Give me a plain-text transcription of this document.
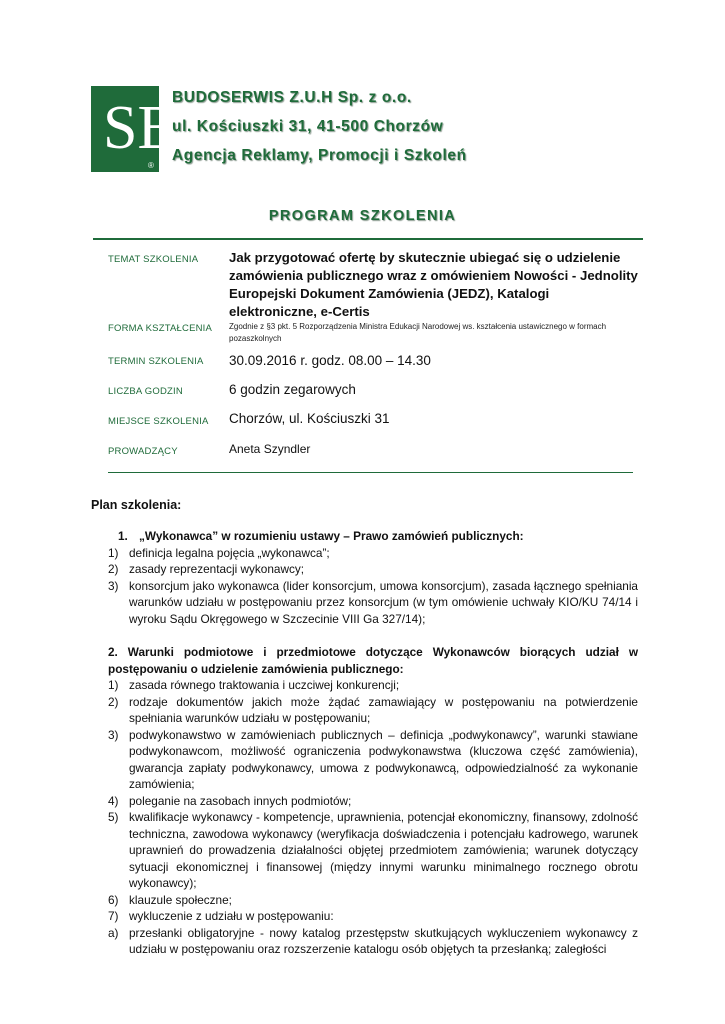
SB
®
BUDOSERWIS Z.U.H Sp. z o.o.
ul. Kościuszki 31, 41-500 Chorzów
Agencja Reklamy, Promocji i Szkoleń
PROGRAM SZKOLENIA
TEMAT SZKOLENIA Jak przygotować ofertę by skutecznie ubiegać się o udzielenie zamówienia publicznego wraz z omówieniem Nowości - Jednolity Europejski Dokument Zamówienia (JEDZ), Katalogi elektroniczne, e-Certis
FORMA KSZTAŁCENIA Zgodnie z §3 pkt. 5 Rozporządzenia Ministra Edukacji Narodowej ws. kształcenia ustawicznego w formach pozaszkolnych
TERMIN SZKOLENIA 30.09.2016 r. godz. 08.00 – 14.30
LICZBA GODZIN	6 godzin zegarowych
MIEJSCE SZKOLENIA Chorzów, ul. Kościuszki 31
PROWADZĄCY	Aneta Szyndler
Plan szkolenia:
1. „Wykonawca” w rozumieniu ustawy – Prawo zamówień publicznych:
1) definicja legalna pojęcia „wykonawca”;
2) zasady reprezentacji wykonawcy;
3) konsorcjum jako wykonawca (lider konsorcjum, umowa konsorcjum), zasada łącznego spełniania warunków udziału w postępowaniu przez konsorcjum (w tym omówienie uchwały KIO/KU 74/14 i wyroku Sądu Okręgowego w Szczecinie VIII Ga 327/14);
2. Warunki podmiotowe i przedmiotowe dotyczące Wykonawców biorących udział w postępowaniu o udzielenie zamówienia publicznego:
1) zasada równego traktowania i uczciwej konkurencji;
2) rodzaje dokumentów jakich może żądać zamawiający w postępowaniu na potwierdzenie spełniania warunków udziału w postępowaniu;
3) podwykonawstwo w zamówieniach publicznych – definicja „podwykonawcy”, warunki stawiane podwykonawcom, możliwość ograniczenia podwykonawstwa (kluczowa część zamówienia), gwarancja zapłaty podwykonawcy, umowa z podwykonawcą, odpowiedzialność za wykonanie zamówienia;
4) poleganie na zasobach innych podmiotów;
5) kwalifikacje wykonawcy - kompetencje, uprawnienia, potencjał ekonomiczny, finansowy, zdolność techniczna, zawodowa wykonawcy (weryfikacja doświadczenia i potencjału kadrowego, warunek uprawnień do prowadzenia działalności objętej przedmiotem zamówienia; warunek dotyczący sytuacji ekonomicznej i finansowej (między innymi warunku minimalnego rocznego obrotu wykonawcy);
6) klauzule społeczne;
7) wykluczenie z udziału w postępowaniu:
a) przesłanki obligatoryjne - nowy katalog przestępstw skutkujących wykluczeniem wykonawcy z udziału w postępowaniu oraz rozszerzenie katalogu osób objętych ta przesłanką; zaległości
